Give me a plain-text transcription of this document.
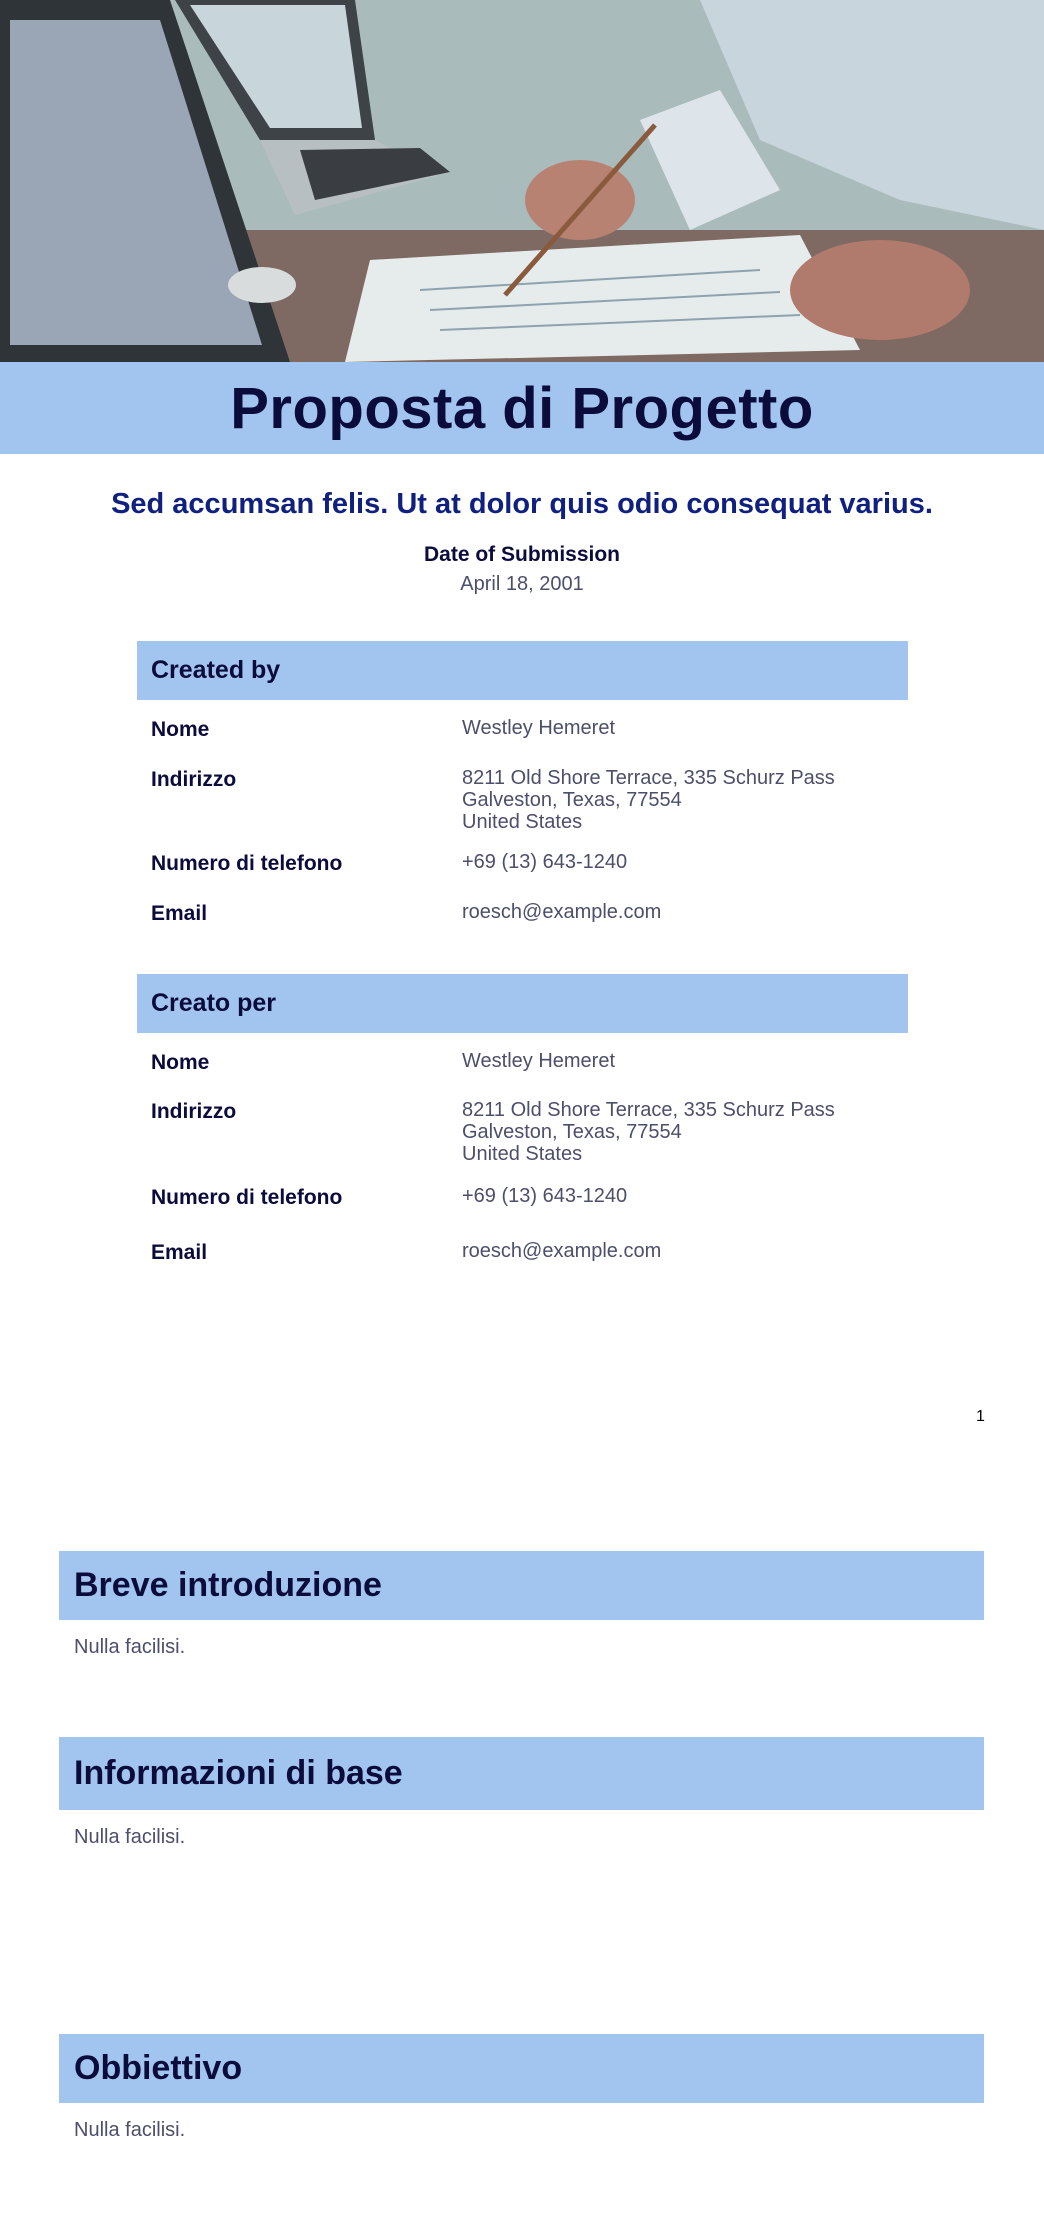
Proposta di Progetto
Sed accumsan felis. Ut at dolor quis odio consequat varius.
Date of Submission
April 18, 2001
Created by
Nome	Westley Hemeret
Indirizzo	8211 Old Shore Terrace, 335 Schurz Pass
Galveston, Texas, 77554
United States
Numero di telefono	+69 (13) 643-1240
Email	roesch@example.com
Creato per
Nome	Westley Hemeret
Indirizzo	8211 Old Shore Terrace, 335 Schurz Pass
Galveston, Texas, 77554
United States
Numero di telefono	+69 (13) 643-1240
Email	roesch@example.com
1
Breve introduzione
Nulla facilisi.
Informazioni di base
Nulla facilisi.
Obbiettivo
Nulla facilisi.
